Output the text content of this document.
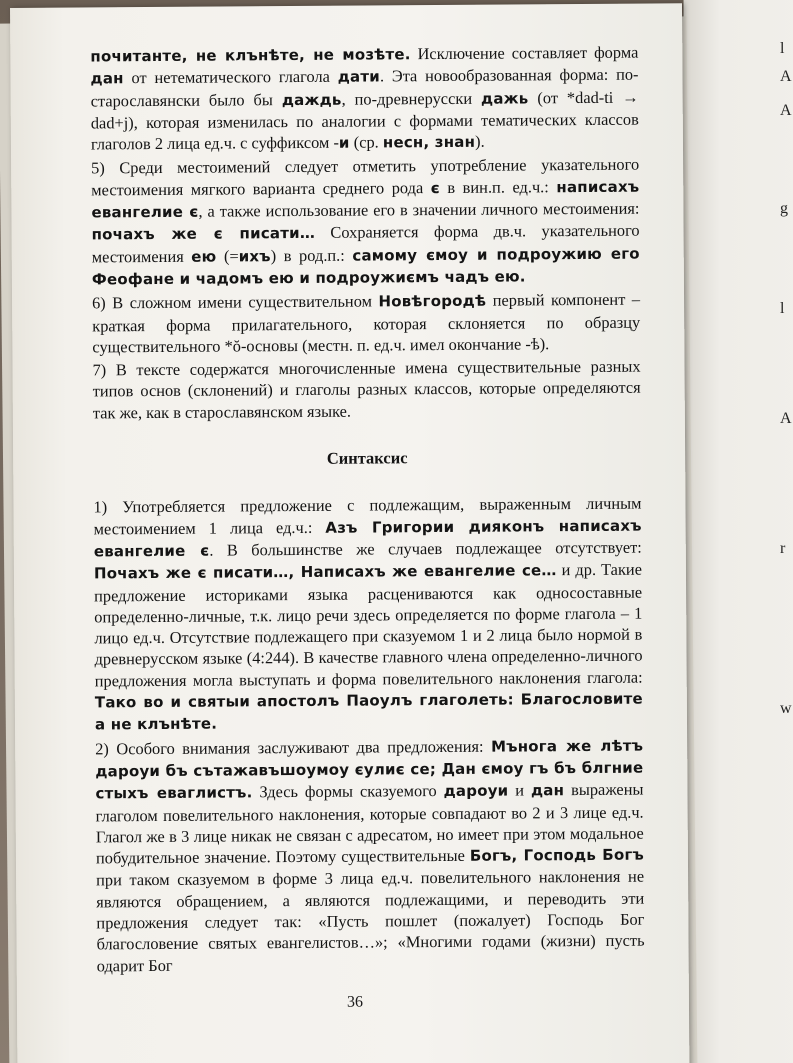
l
A
A
g
l
A
r
w

почитанте, не клънѣте, не мозѣте. Исключение составляет форма дан от нетематического глагола дати. Эта новообразованная форма: по-старославянски было бы даждь, по-древнерусски дажь (от *dad-ti → dad+j), которая изменилась по аналогии с формами тематических классов глаголов 2 лица ед.ч. с суффиксом -и (ср. несн, знан).

5) Среди местоимений следует отметить употребление указательного местоимения мягкого варианта среднего рода є в вин.п. ед.ч.: написахъ евангелие є, а также использование его в значении личного местоимения: почахъ же є писати… Сохраняется форма дв.ч. указательного местоимения ею (=ихъ) в род.п.: самому ємоу и подроужию его Феофане и чадомъ ею и подроужиємъ чадъ ею.

6) В сложном имени существительном Новѣгородѣ первый компонент – краткая форма прилагательного, которая склоняется по образцу существительного *ŏ-основы (местн. п. ед.ч. имел окончание -ѣ).

7) В тексте содержатся многочисленные имена существительные разных типов основ (склонений) и глаголы разных классов, которые определяются так же, как в старославянском языке.

Синтаксис

1) Употребляется предложение с подлежащим, выраженным личным местоимением 1 лица ед.ч.: Азъ Григории дияконъ написахъ евангелие є. В большинстве же случаев подлежащее отсутствует: Почахъ же є писати…, Написахъ же евангелие се… и др. Такие предложение историками языка расцениваются как односоставные определенно-личные, т.к. лицо речи здесь определяется по форме глагола – 1 лицо ед.ч. Отсутствие подлежащего при сказуемом 1 и 2 лица было нормой в древнерусском языке (4:244). В качестве главного члена определенно-личного предложения могла выступать и форма повелительного наклонения глагола: Тако во и святыи апостолъ Паоулъ глаголеть: Благословите а не клънѣте.

2) Особого внимания заслуживают два предложения: Мънога же лѣтъ дароуи бъ сътажавъшоумоу єулиє се; Дан ємоу гъ бъ блгние стыхъ еваглистъ. Здесь формы сказуемого дароуи и дан выражены глаголом повелительного наклонения, которые совпадают во 2 и 3 лице ед.ч. Глагол же в 3 лице никак не связан с адресатом, но имеет при этом модальное побудительное значение. Поэтому существительные Богъ, Господь Богъ при таком сказуемом в форме 3 лица ед.ч. повелительного наклонения не являются обращением, а являются подлежащими, и переводить эти предложения следует так: «Пусть пошлет (пожалует) Господь Бог благословение святых евангелистов…»; «Многими годами (жизни) пусть одарит Бог

36
